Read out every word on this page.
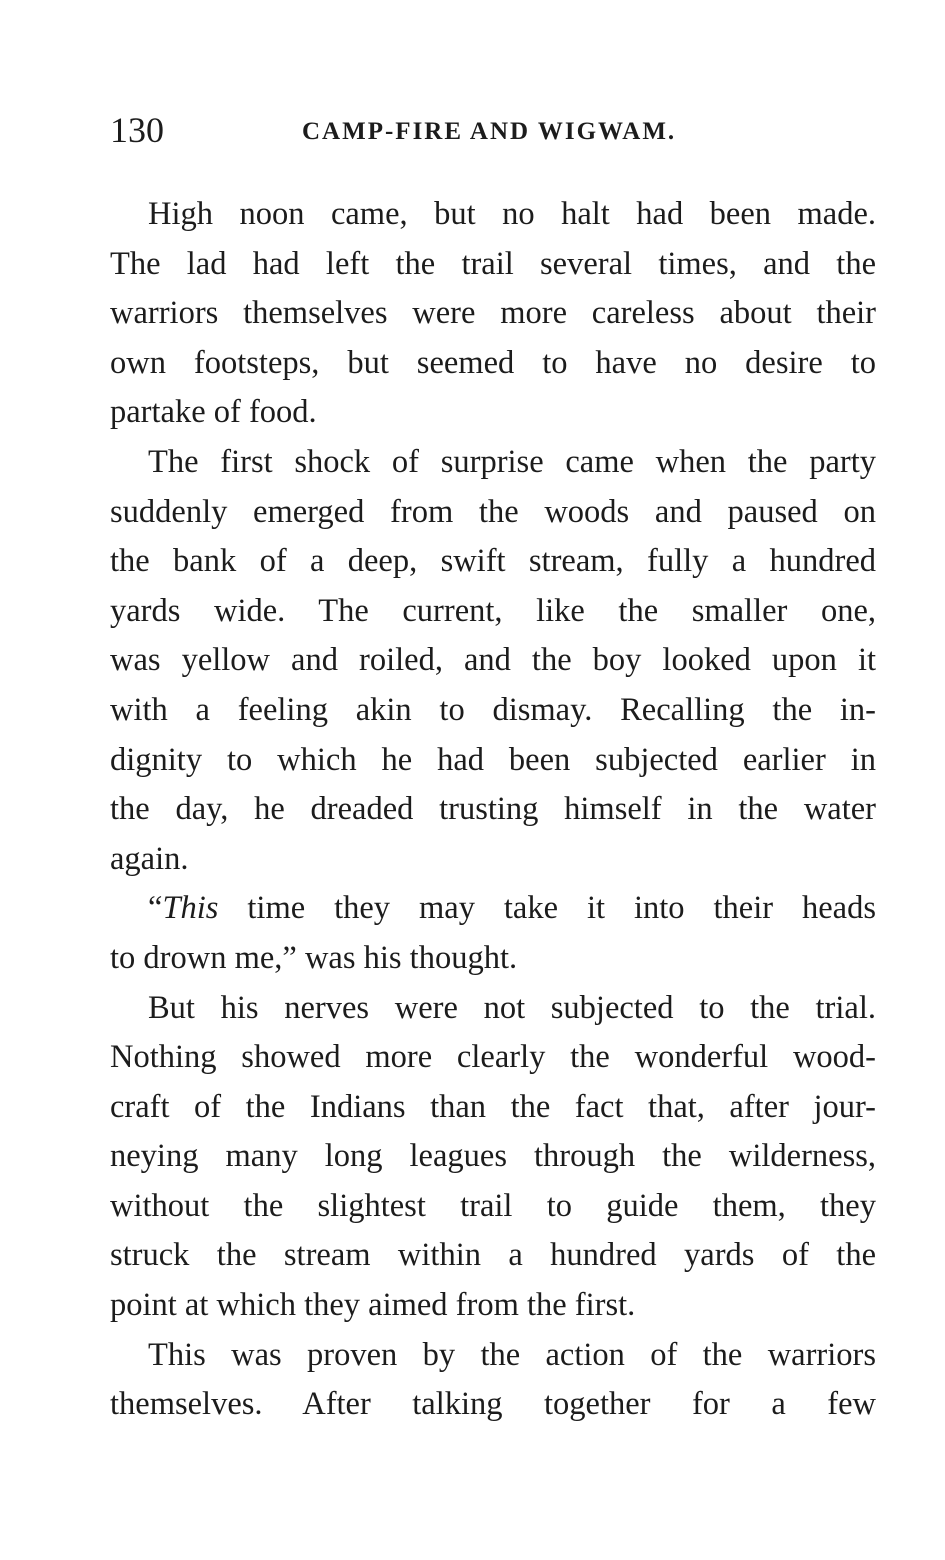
130	CAMP-FIRE AND WIGWAM.
High noon came, but no halt had been made.
The lad had left the trail several times, and the
warriors themselves were more careless about their
own footsteps, but seemed to have no desire to
partake of food.
The first shock of surprise came when the party
suddenly emerged from the woods and paused on
the bank of a deep, swift stream, fully a hundred
yards wide. The current, like the smaller one,
was yellow and roiled, and the boy looked upon it
with a feeling akin to dismay. Recalling the in-
dignity to which he had been subjected earlier in
the day, he dreaded trusting himself in the water
again.
“This time they may take it into their heads
to drown me,” was his thought.
But his nerves were not subjected to the trial.
Nothing showed more clearly the wonderful wood-
craft of the Indians than the fact that, after jour-
neying many long leagues through the wilderness,
without the slightest trail to guide them, they
struck the stream within a hundred yards of the
point at which they aimed from the first.
This was proven by the action of the warriors
themselves. After talking together for a few
